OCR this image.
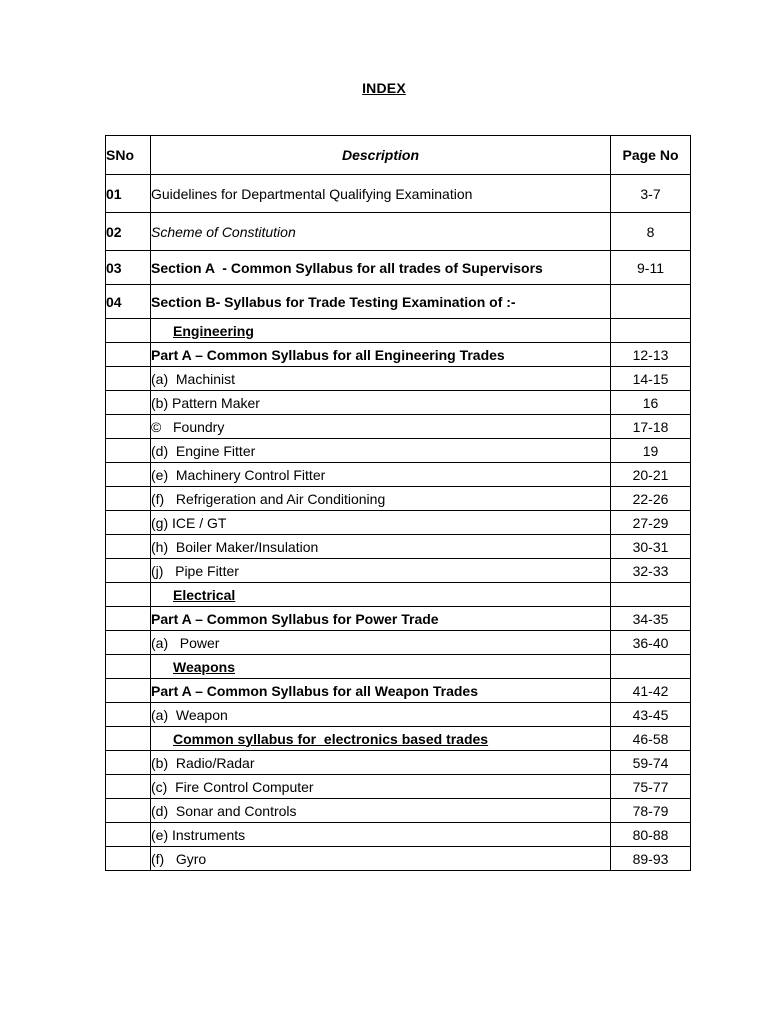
INDEX
SNo	Description	Page No
01	Guidelines for Departmental Qualifying Examination	3-7
02	Scheme of Constitution	8
03	Section A  - Common Syllabus for all trades of Supervisors	9-11
04	Section B- Syllabus for Trade Testing Examination of :-	
	Engineering	
	Part A – Common Syllabus for all Engineering Trades	12-13
	(a)  Machinist	14-15
	(b) Pattern Maker	16
	©   Foundry	17-18
	(d)  Engine Fitter	19
	(e)  Machinery Control Fitter	20-21
	(f)   Refrigeration and Air Conditioning	22-26
	(g) ICE / GT	27-29
	(h)  Boiler Maker/Insulation	30-31
	(j)   Pipe Fitter	32-33
	Electrical	
	Part A – Common Syllabus for Power Trade	34-35
	(a)   Power	36-40
	Weapons	
	Part A – Common Syllabus for all Weapon Trades	41-42
	(a)  Weapon	43-45
	Common syllabus for  electronics based trades	46-58
	(b)  Radio/Radar	59-74
	(c)  Fire Control Computer	75-77
	(d)  Sonar and Controls	78-79
	(e) Instruments	80-88
	(f)   Gyro	89-93
